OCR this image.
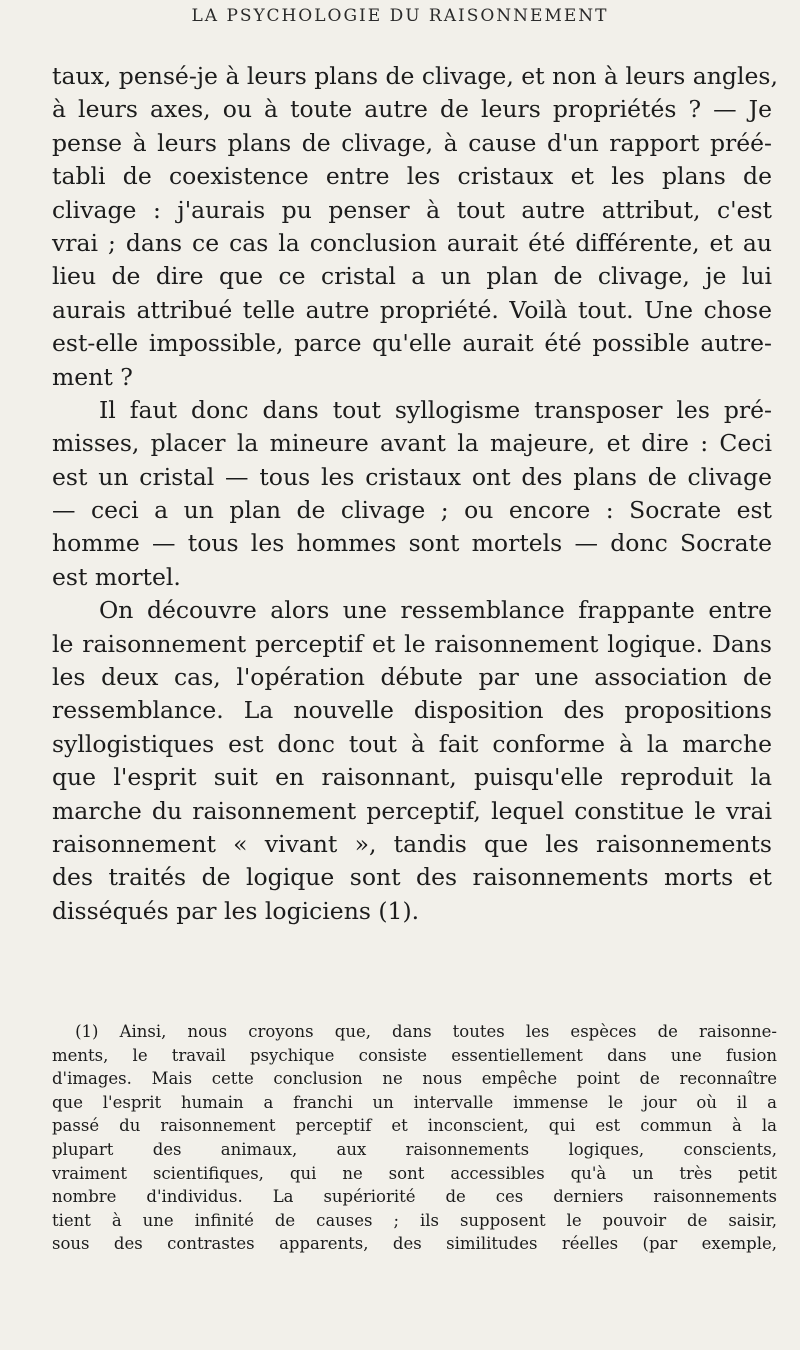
LA PSYCHOLOGIE DU RAISONNEMENT
taux, pensé-je à leurs plans de clivage, et non à leurs angles,
à leurs axes, ou à toute autre de leurs propriétés ? — Je
pense à leurs plans de clivage, à cause d'un rapport préé-
tabli de coexistence entre les cristaux et les plans de
clivage : j'aurais pu penser à tout autre attribut, c'est
vrai ; dans ce cas la conclusion aurait été différente, et au
lieu de dire que ce cristal a un plan de clivage, je lui
aurais attribué telle autre propriété. Voilà tout. Une chose
est-elle impossible, parce qu'elle aurait été possible autre-
ment ?
Il faut donc dans tout syllogisme transposer les pré-
misses, placer la mineure avant la majeure, et dire : Ceci
est un cristal — tous les cristaux ont des plans de clivage
— ceci a un plan de clivage ; ou encore : Socrate est
homme — tous les hommes sont mortels — donc Socrate
est mortel.
On découvre alors une ressemblance frappante entre
le raisonnement perceptif et le raisonnement logique. Dans
les deux cas, l'opération débute par une association de
ressemblance. La nouvelle disposition des propositions
syllogistiques est donc tout à fait conforme à la marche
que l'esprit suit en raisonnant, puisqu'elle reproduit la
marche du raisonnement perceptif, lequel constitue le vrai
raisonnement « vivant », tandis que les raisonnements
des traités de logique sont des raisonnements morts et
disséqués par les logiciens (1).
(1) Ainsi, nous croyons que, dans toutes les espèces de raisonne-
ments, le travail psychique consiste essentiellement dans une fusion
d'images. Mais cette conclusion ne nous empêche point de reconnaître
que l'esprit humain a franchi un intervalle immense le jour où il a
passé du raisonnement perceptif et inconscient, qui est commun à la
plupart des animaux, aux raisonnements logiques, conscients,
vraiment scientifiques, qui ne sont accessibles qu'à un très petit
nombre d'individus. La supériorité de ces derniers raisonnements
tient à une infinité de causes ; ils supposent le pouvoir de saisir,
sous des contrastes apparents, des similitudes réelles (par exemple,
